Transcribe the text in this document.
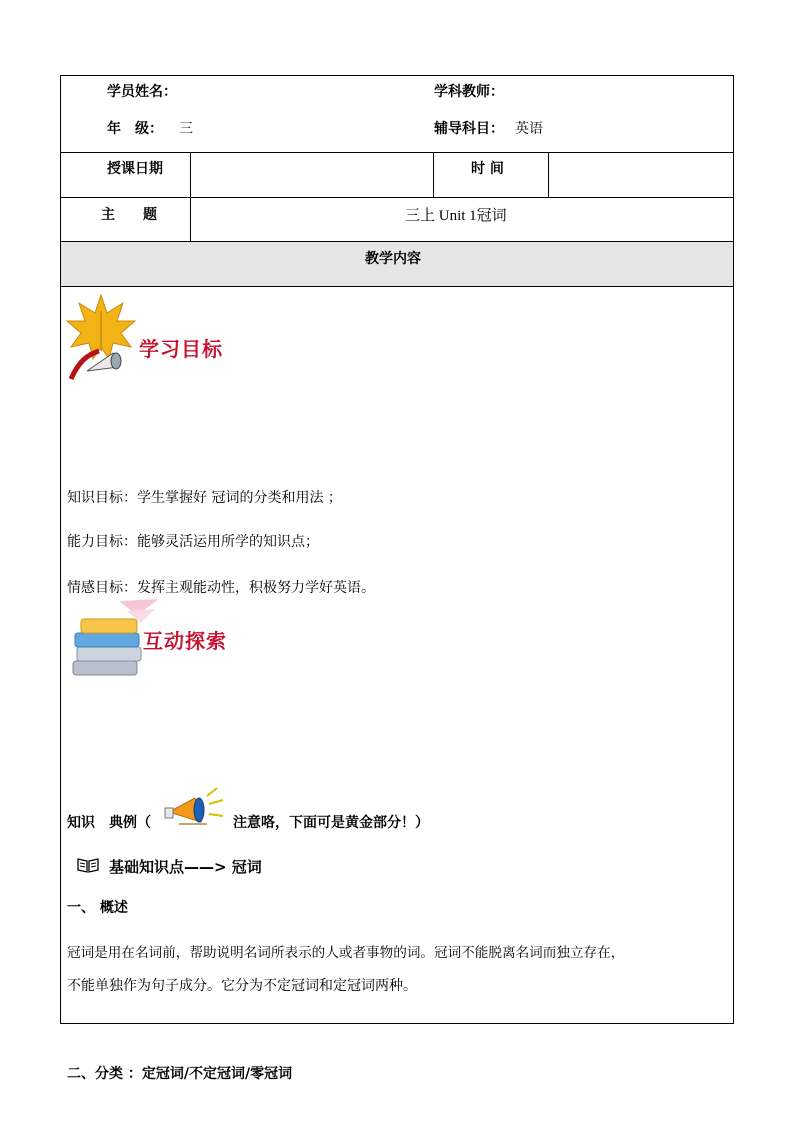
学员姓名：	学科教师：
年　级： 三	辅导科目： 英语
授课日期	时 间
主　　题	三上 Unit 1冠词
教学内容
学习目标
知识目标：学生掌握好 冠词的分类和用法 ；
能力目标：能够灵活运用所学的知识点；
情感目标：发挥主观能动性，积极努力学好英语。
互动探索
知识　典例（	注意咯，下面可是黄金部分！）
基础知识点——> 冠词
一、 概述
冠词是用在名词前，帮助说明名词所表示的人或者事物的词。冠词不能脱离名词而独立存在，
不能单独作为句子成分。它分为不定冠词和定冠词两种。
二、分类 ：定冠词/不定冠词/零冠词
